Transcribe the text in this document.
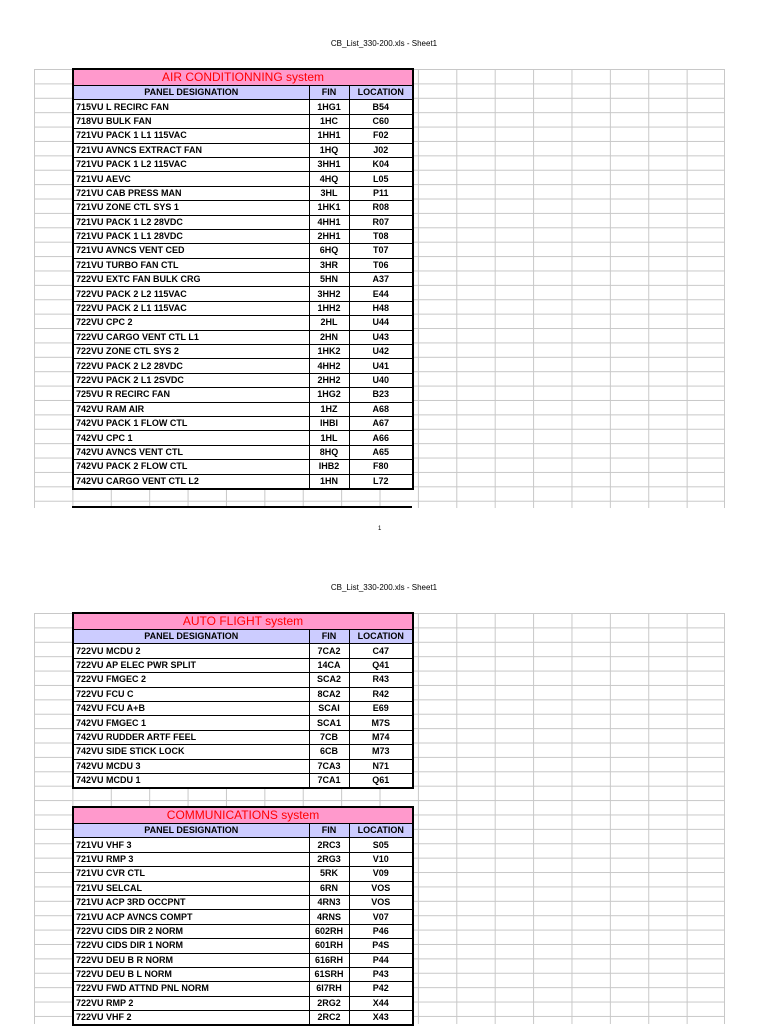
CB_List_330-200.xls - Sheet1
AIR CONDITIONNING system		
PANEL DESIGNATION	FIN	LOCATION
715VU L RECIRC FAN	1HG1	B54
718VU BULK FAN	1HC	C60
721VU PACK 1 L1 115VAC	1HH1	F02
721VU AVNCS EXTRACT FAN	1HQ	J02
721VU PACK 1 L2 115VAC	3HH1	K04
721VU AEVC	4HQ	L05
721VU CAB PRESS MAN	3HL	P11
721VU ZONE CTL SYS 1	1HK1	R08
721VU PACK 1 L2 28VDC	4HH1	R07
721VU PACK 1 L1 28VDC	2HH1	T08
721VU AVNCS VENT CED	6HQ	T07
721VU TURBO FAN CTL	3HR	T06
722VU EXTC FAN BULK CRG	5HN	A37
722VU PACK 2 L2 115VAC	3HH2	E44
722VU PACK 2 L1 115VAC	1HH2	H48
722VU CPC 2	2HL	U44
722VU CARGO VENT CTL L1	2HN	U43
722VU ZONE CTL SYS 2	1HK2	U42
722VU PACK 2 L2 28VDC	4HH2	U41
722VU PACK 2 L1 2SVDC	2HH2	U40
725VU R RECIRC FAN	1HG2	B23
742VU RAM AIR	1HZ	A68
742VU PACK 1 FLOW CTL	IHBI	A67
742VU CPC 1	1HL	A66
742VU AVNCS VENT CTL	8HQ	A65
742VU PACK 2 FLOW CTL	IHB2	F80
742VU CARGO VENT CTL L2	1HN	L72
1
CB_List_330-200.xls - Sheet1
AUTO FLIGHT system		
PANEL DESIGNATION	FIN	LOCATION
722VU MCDU 2	7CA2	C47
722VU AP ELEC PWR SPLIT	14CA	Q41
722VU FMGEC 2	SCA2	R43
722VU FCU C	8CA2	R42
742VU FCU A+B	SCAI	E69
742VU FMGEC 1	SCA1	M7S
742VU RUDDER ARTF FEEL	7CB	M74
742VU SIDE STICK LOCK	6CB	M73
742VU MCDU 3	7CA3	N71
742VU MCDU 1	7CA1	Q61
COMMUNICATIONS system		
PANEL DESIGNATION	FIN	LOCATION
721VU VHF 3	2RC3	S05
721VU RMP 3	2RG3	V10
721VU CVR CTL	5RK	V09
721VU SELCAL	6RN	VOS
721VU ACP 3RD OCCPNT	4RN3	VOS
721VU ACP AVNCS COMPT	4RNS	V07
722VU CIDS DIR 2 NORM	602RH	P46
722VU CIDS DIR 1 NORM	601RH	P4S
722VU DEU B R NORM	616RH	P44
722VU DEU B L NORM	61SRH	P43
722VU FWD ATTND PNL NORM	6I7RH	P42
722VU RMP 2	2RG2	X44
722VU VHF 2	2RC2	X43
